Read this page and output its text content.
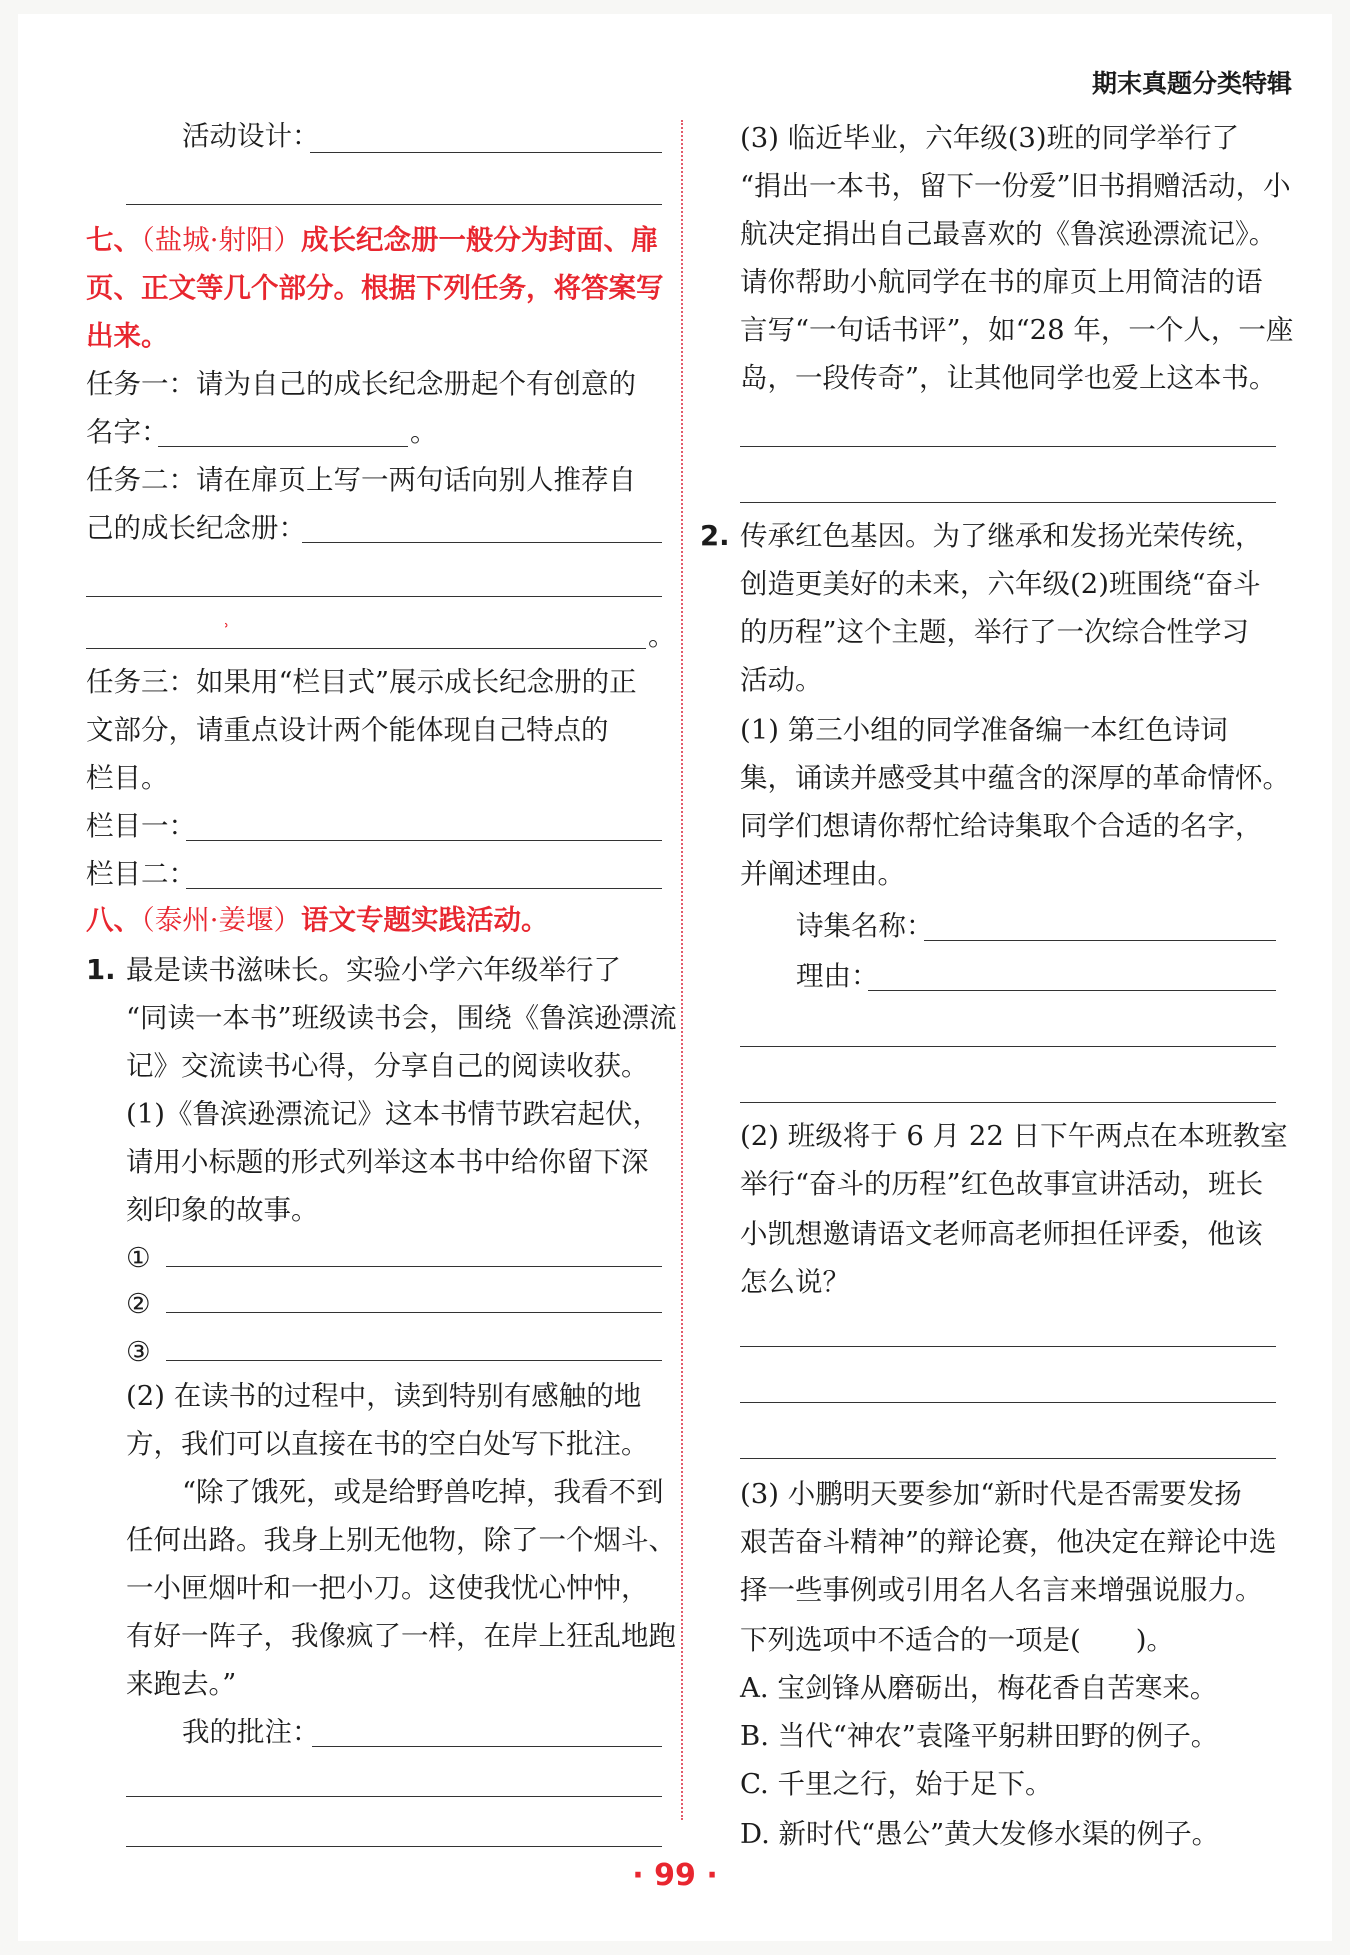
期末真题分类特辑
活动设计：
七、（盐城·射阳）成长纪念册一般分为封面、扉
页、正文等几个部分。根据下列任务，将答案写
出来。
任务一：请为自己的成长纪念册起个有创意的
名字：	。
任务二：请在扉页上写一两句话向别人推荐自
己的成长纪念册：
。
˒
任务三：如果用“栏目式”展示成长纪念册的正
文部分，请重点设计两个能体现自己特点的
栏目。
栏目一：
栏目二：
八、（泰州·姜堰）语文专题实践活动。
1. 最是读书滋味长。实验小学六年级举行了
“同读一本书”班级读书会，围绕《鲁滨逊漂流
记》交流读书心得，分享自己的阅读收获。
(1)《鲁滨逊漂流记》这本书情节跌宕起伏，
请用小标题的形式列举这本书中给你留下深
刻印象的故事。
①
②
③
(2) 在读书的过程中，读到特别有感触的地
方，我们可以直接在书的空白处写下批注。
“除了饿死，或是给野兽吃掉，我看不到
任何出路。我身上别无他物，除了一个烟斗、
一小匣烟叶和一把小刀。这使我忧心忡忡，
有好一阵子，我像疯了一样，在岸上狂乱地跑
来跑去。”
我的批注：
(3) 临近毕业，六年级(3)班的同学举行了
“捐出一本书，留下一份爱”旧书捐赠活动，小
航决定捐出自己最喜欢的《鲁滨逊漂流记》。
请你帮助小航同学在书的扉页上用简洁的语
言写“一句话书评”，如“28 年，一个人，一座
岛，一段传奇”，让其他同学也爱上这本书。
2. 传承红色基因。为了继承和发扬光荣传统，
创造更美好的未来，六年级(2)班围绕“奋斗
的历程”这个主题，举行了一次综合性学习
活动。
(1) 第三小组的同学准备编一本红色诗词
集，诵读并感受其中蕴含的深厚的革命情怀。
同学们想请你帮忙给诗集取个合适的名字，
并阐述理由。
诗集名称：
理由：
(2) 班级将于 6 月 22 日下午两点在本班教室
举行“奋斗的历程”红色故事宣讲活动，班长
小凯想邀请语文老师高老师担任评委，他该
怎么说？
(3) 小鹏明天要参加“新时代是否需要发扬
艰苦奋斗精神”的辩论赛，他决定在辩论中选
择一些事例或引用名人名言来增强说服力。
下列选项中不适合的一项是(　　)。
A. 宝剑锋从磨砺出，梅花香自苦寒来。
B. 当代“神农”袁隆平躬耕田野的例子。
C. 千里之行，始于足下。
D. 新时代“愚公”黄大发修水渠的例子。
· 99 ·
